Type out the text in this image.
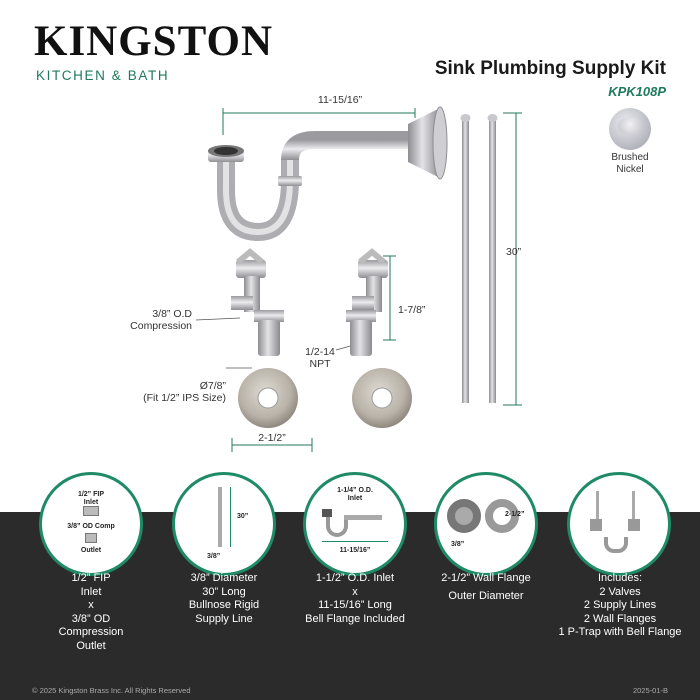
KINGSTON
KITCHEN & BATH	Sink Plumbing Supply Kit
KPK108P
Brushed
Nickel
11-15/16”
30”
1-7/8”
3/8” O.D
Compression
1/2-14
NPT
Ø7/8”
(Fit 1/2” IPS Size)
2-1/2”
1/2” FIP
Inlet
3/8” OD Comp
Outlet
1/2” FIP
Inlet
x
3/8” OD
Compression
Outlet
30”
3/8”
3/8” Diameter
30” Long
Bullnose Rigid
Supply Line
1-1/4” O.D.
Inlet
11-15/16”
1-1/2” O.D. Inlet
x
11-15/16” Long
Bell Flange Included
2-1/2”
3/8”
2-1/2” Wall Flange
Outer Diameter
Includes:
2 Valves
2 Supply Lines
2 Wall Flanges
1 P-Trap with Bell Flange
© 2025 Kingston Brass Inc. All Rights Reserved	2025-01-B
